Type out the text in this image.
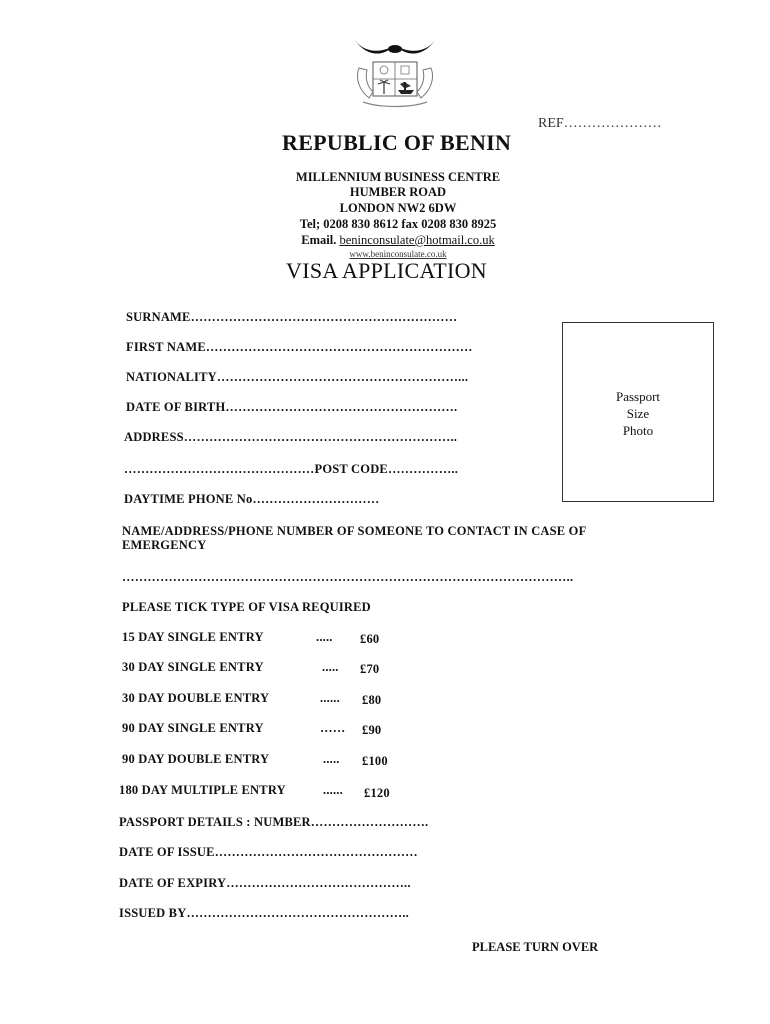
REF…………………
REPUBLIC OF BENIN
MILLENNIUM BUSINESS CENTRE
HUMBER ROAD
LONDON NW2 6DW
Tel; 0208 830 8612 fax 0208 830 8925
Email. beninconsulate@hotmail.co.uk
www.beninconsulate.co.uk
VISA APPLICATION
SURNAME………………………………………………………
FIRST NAME………………………………………………………
NATIONALITY…………………………………………………...
DATE OF BIRTH……………………………………………….
ADDRESS………………………………………………………..
………………………………………POST CODE……………..
DAYTIME PHONE No…………………………
Passport
Size
Photo
NAME/ADDRESS/PHONE NUMBER OF SOMEONE TO CONTACT IN CASE OF
EMERGENCY
……………………………………………………………………………………………..
PLEASE TICK TYPE OF VISA REQUIRED
15 DAY SINGLE ENTRY	..... £60
30 DAY SINGLE ENTRY	..... £70
30 DAY DOUBLE ENTRY	...... £80
90 DAY SINGLE ENTRY	…… £90
90 DAY DOUBLE ENTRY	..... £100
180 DAY MULTIPLE ENTRY	...... £120
PASSPORT DETAILS : NUMBER……………………….
DATE OF ISSUE…………………………………………
DATE OF EXPIRY……………………………………..
ISSUED BY……………………………………………..
PLEASE TURN OVER
